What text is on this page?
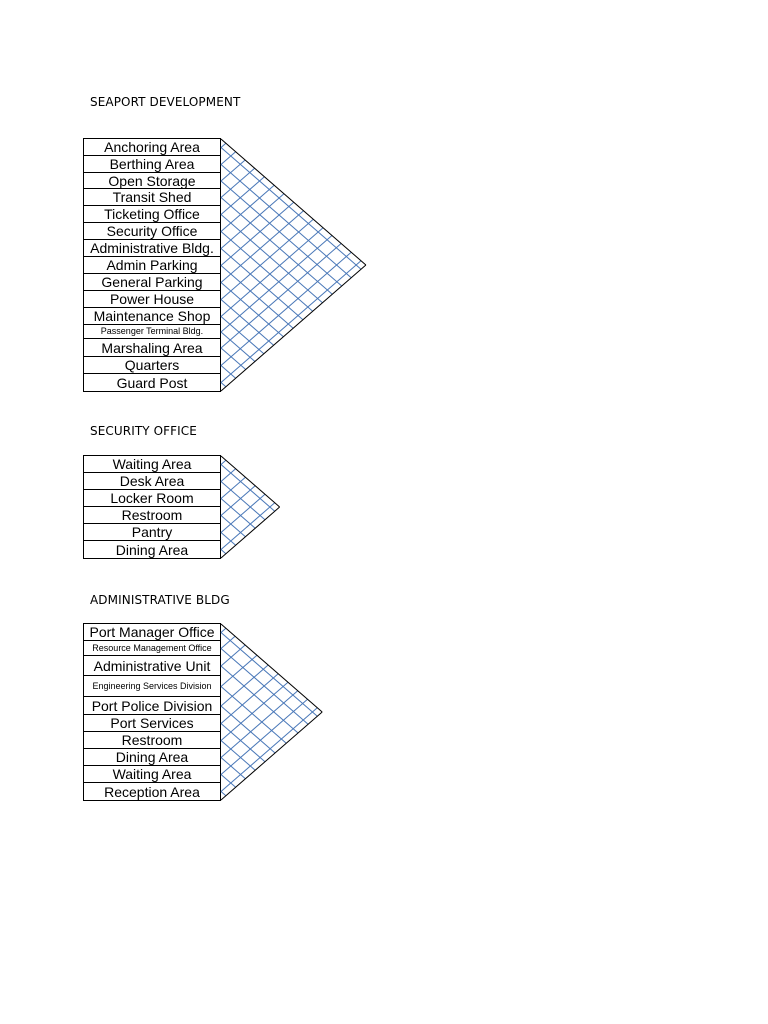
SEAPORT DEVELOPMENT
Anchoring Area
Berthing Area
Open Storage
Transit Shed
Ticketing Office
Security Office
Administrative Bldg.
Admin Parking
General Parking
Power House
Maintenance Shop
Passenger Terminal Bldg.
Marshaling Area
Quarters
Guard Post
SECURITY OFFICE
Waiting Area
Desk Area
Locker Room
Restroom
Pantry
Dining Area
ADMINISTRATIVE BLDG
Port Manager Office
Resource Management Office
Administrative Unit
Engineering Services Division
Port Police Division
Port Services
Restroom
Dining Area
Waiting Area
Reception Area
